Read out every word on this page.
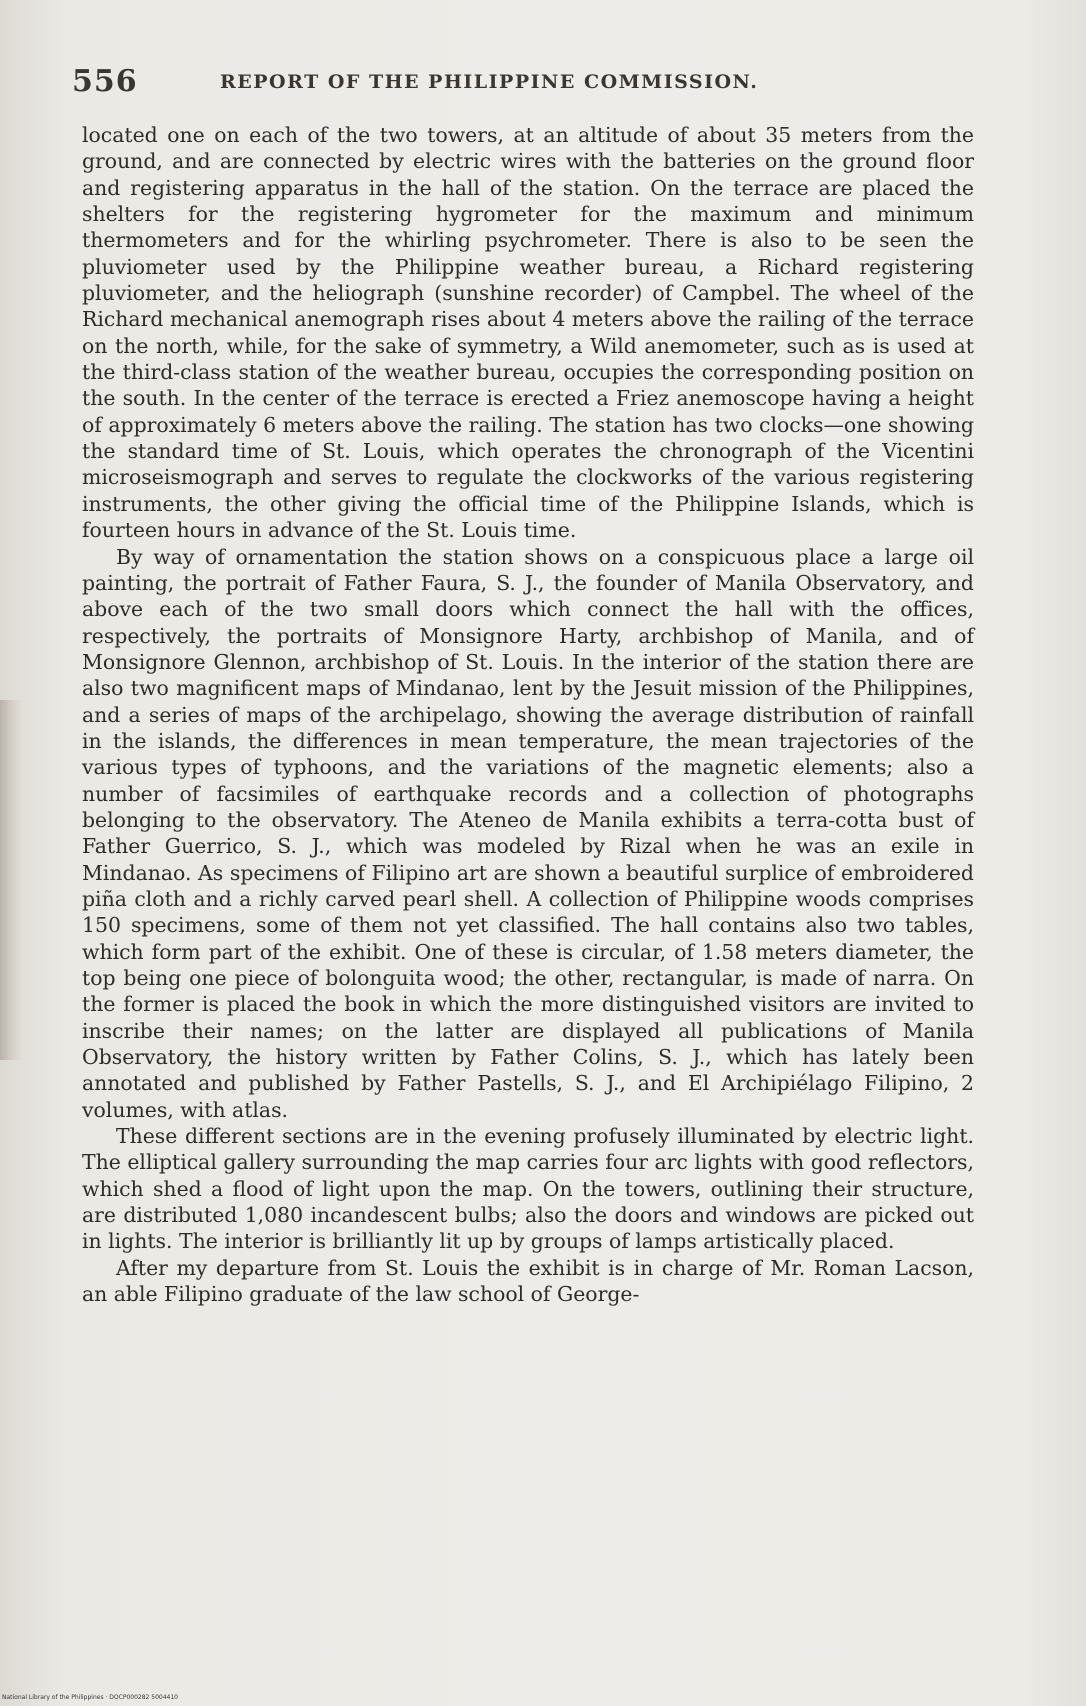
556	REPORT OF THE PHILIPPINE COMMISSION.

located one on each of the two towers, at an altitude of about 35 meters from the ground, and are connected by electric wires with the batteries on the ground floor and registering apparatus in the hall of the station. On the terrace are placed the shelters for the registering hygrometer for the maximum and minimum thermometers and for the whirling psychrometer. There is also to be seen the pluviometer used by the Philippine weather bureau, a Richard registering pluviometer, and the heliograph (sunshine recorder) of Campbel. The wheel of the Richard mechanical anemograph rises about 4 meters above the railing of the terrace on the north, while, for the sake of symmetry, a Wild anemometer, such as is used at the third-class station of the weather bureau, occupies the corresponding position on the south. In the center of the terrace is erected a Friez anemoscope having a height of approximately 6 meters above the railing. The station has two clocks—one showing the standard time of St. Louis, which operates the chronograph of the Vicentini microseismograph and serves to regulate the clockworks of the various registering instruments, the other giving the official time of the Philippine Islands, which is fourteen hours in advance of the St. Louis time.

By way of ornamentation the station shows on a conspicuous place a large oil painting, the portrait of Father Faura, S. J., the founder of Manila Observatory, and above each of the two small doors which connect the hall with the offices, respectively, the portraits of Monsignore Harty, archbishop of Manila, and of Monsignore Glennon, archbishop of St. Louis. In the interior of the station there are also two magnificent maps of Mindanao, lent by the Jesuit mission of the Philippines, and a series of maps of the archipelago, showing the average distribution of rainfall in the islands, the differences in mean temperature, the mean trajectories of the various types of typhoons, and the variations of the magnetic elements; also a number of facsimiles of earthquake records and a collection of photographs belonging to the observatory. The Ateneo de Manila exhibits a terra-cotta bust of Father Guerrico, S. J., which was modeled by Rizal when he was an exile in Mindanao. As specimens of Filipino art are shown a beautiful surplice of embroidered piña cloth and a richly carved pearl shell. A collection of Philippine woods comprises 150 specimens, some of them not yet classified. The hall contains also two tables, which form part of the exhibit. One of these is circular, of 1.58 meters diameter, the top being one piece of bolonguita wood; the other, rectangular, is made of narra. On the former is placed the book in which the more distinguished visitors are invited to inscribe their names; on the latter are displayed all publications of Manila Observatory, the history written by Father Colins, S. J., which has lately been annotated and published by Father Pastells, S. J., and El Archipiélago Filipino, 2 volumes, with atlas.

These different sections are in the evening profusely illuminated by electric light. The elliptical gallery surrounding the map carries four arc lights with good reflectors, which shed a flood of light upon the map. On the towers, outlining their structure, are distributed 1,080 incandescent bulbs; also the doors and windows are picked out in lights. The interior is brilliantly lit up by groups of lamps artistically placed.

After my departure from St. Louis the exhibit is in charge of Mr. Roman Lacson, an able Filipino graduate of the law school of George-

National Library of the Philippines · DOCP000282 5004410
